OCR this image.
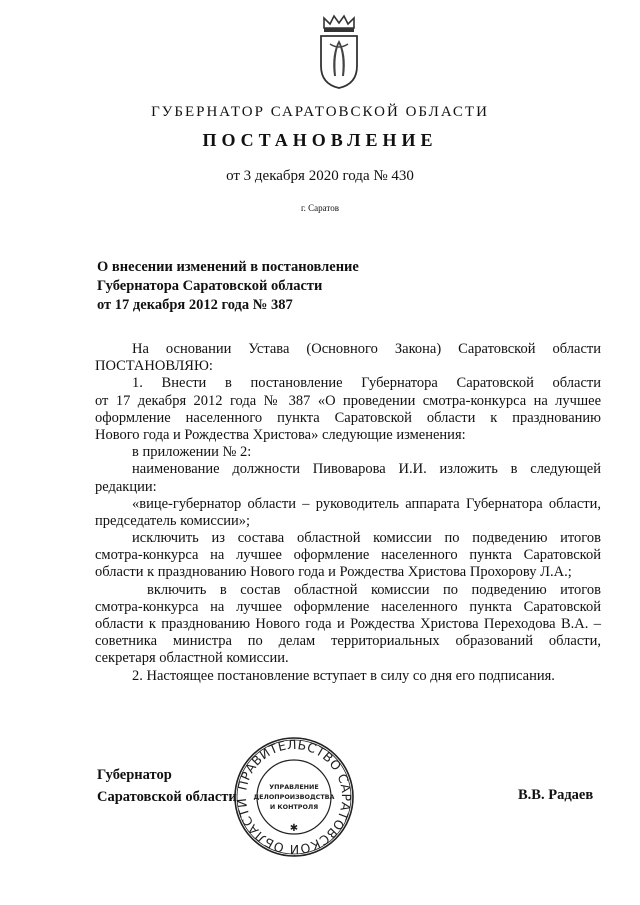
ГУБЕРНАТОР САРАТОВСКОЙ ОБЛАСТИ
ПОСТАНОВЛЕНИЕ
от 3 декабря 2020 года № 430
г. Саратов
О внесении изменений в постановление
Губернатора Саратовской области
от 17 декабря 2012 года № 387
На основании Устава (Основного Закона) Саратовской области
ПОСТАНОВЛЯЮ:
1. Внести в постановление Губернатора Саратовской области
от 17 декабря 2012 года № 387 «О проведении смотра-конкурса на лучшее
оформление населенного пункта Саратовской области к празднованию
Нового года и Рождества Христова» следующие изменения:
в приложении № 2:
наименование должности Пивоварова И.И. изложить в следующей
редакции:
«вице-губернатор области – руководитель аппарата Губернатора области,
председатель комиссии»;
исключить из состава областной комиссии по подведению итогов
смотра-конкурса на лучшее оформление населенного пункта Саратовской
области к празднованию Нового года и Рождества Христова Прохорову Л.А.;
включить в состав областной комиссии по подведению итогов
смотра-конкурса на лучшее оформление населенного пункта Саратовской
области к празднованию Нового года и Рождества Христова Переходова В.А. –
советника министра по делам территориальных образований области,
секретаря областной комиссии.
2. Настоящее постановление вступает в силу со дня его подписания.
Губернатор
Саратовской области	В.В. Радаев
ПРАВИТЕЛЬСТВО САРАТОВСКОЙ ОБЛАСТИ
УПРАВЛЕНИЕ
ДЕЛОПРОИЗВОДСТВА
И КОНТРОЛЯ
✱
